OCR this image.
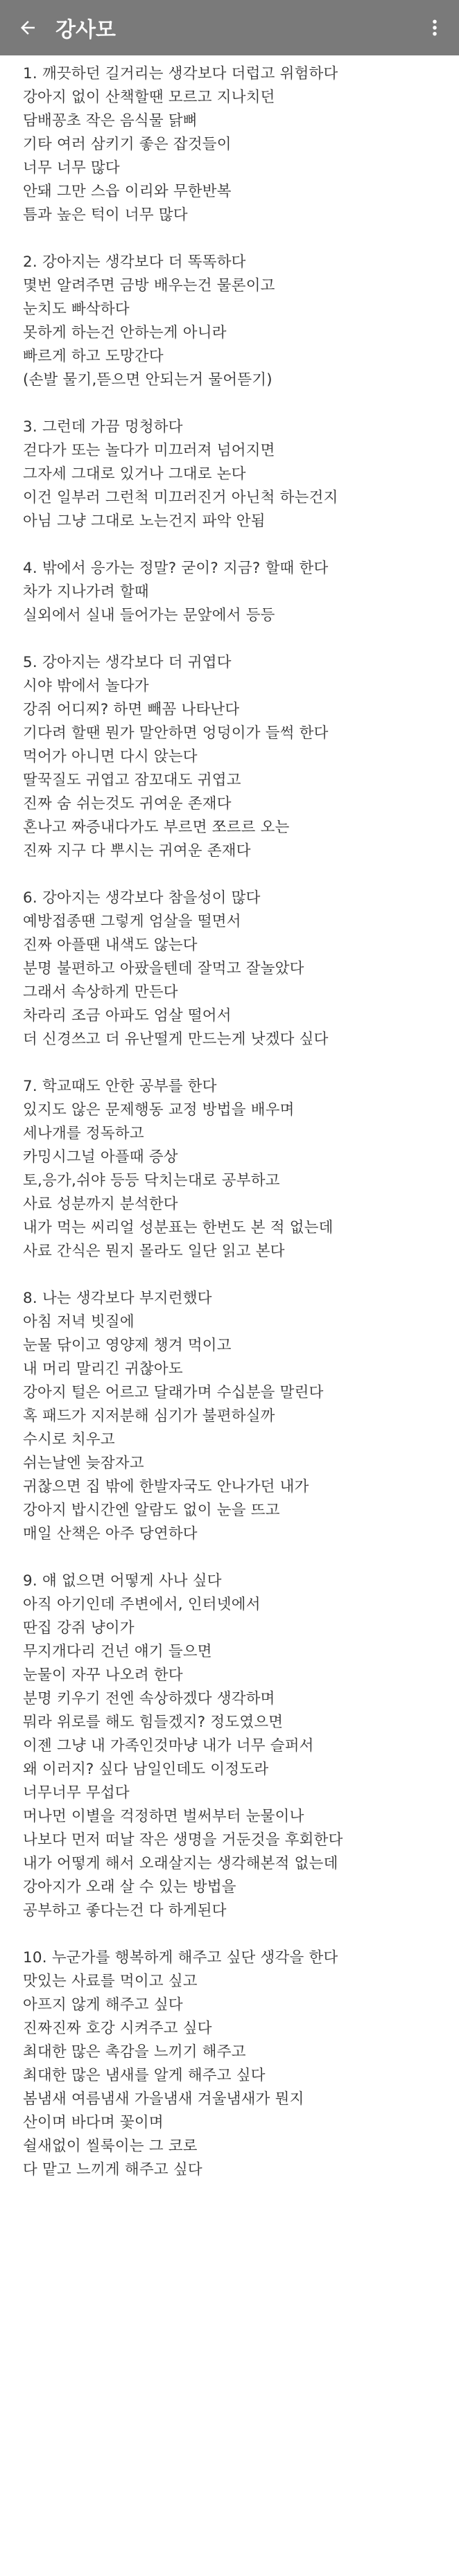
강사모
1. 깨끗하던 길거리는 생각보다 더럽고 위험하다
강아지 없이 산책할땐 모르고 지나치던
담배꽁초 작은 음식물 닭뼈
기타 여러 삼키기 좋은 잡것들이
너무 너무 많다
안돼 그만 스읍 이리와 무한반복
틈과 높은 턱이 너무 많다
2. 강아지는 생각보다 더 똑똑하다
몇번 알려주면 금방 배우는건 물론이고
눈치도 빠삭하다
못하게 하는건 안하는게 아니라
빠르게 하고 도망간다
(손발 물기,뜯으면 안되는거 물어뜯기)
3. 그런데 가끔 멍청하다
걷다가 또는 놀다가 미끄러져 넘어지면
그자세 그대로 있거나 그대로 논다
이건 일부러 그런척 미끄러진거 아닌척 하는건지
아님 그냥 그대로 노는건지 파악 안됨
4. 밖에서 응가는 정말? 굳이? 지금? 할때 한다
차가 지나가려 할때
실외에서 실내 들어가는 문앞에서 등등
5. 강아지는 생각보다 더 귀엽다
시야 밖에서 놀다가
강쥐 어디찌? 하면 빼꼼 나타난다
기다려 할땐 뭔가 말안하면 엉덩이가 들썩 한다
먹어가 아니면 다시 앉는다
딸꾹질도 귀엽고 잠꼬대도 귀엽고
진짜 숨 쉬는것도 귀여운 존재다
혼나고 짜증내다가도 부르면 쪼르르 오는
진짜 지구 다 뿌시는 귀여운 존재다
6. 강아지는 생각보다 참을성이 많다
예방접종땐 그렇게 엄살을 떨면서
진짜 아플땐 내색도 않는다
분명 불편하고 아팠을텐데 잘먹고 잘놀았다
그래서 속상하게 만든다
차라리 조금 아파도 엄살 떨어서
더 신경쓰고 더 유난떨게 만드는게 낫겠다 싶다
7. 학교때도 안한 공부를 한다
있지도 않은 문제행동 교정 방법을 배우며
세나개를 정독하고
카밍시그널 아플때 증상
토,응가,쉬야 등등 닥치는대로 공부하고
사료 성분까지 분석한다
내가 먹는 씨리얼 성분표는 한번도 본 적 없는데
사료 간식은 뭔지 몰라도 일단 읽고 본다
8. 나는 생각보다 부지런했다
아침 저녁 빗질에
눈물 닦이고 영양제 챙겨 먹이고
내 머리 말리긴 귀찮아도
강아지 털은 어르고 달래가며 수십분을 말린다
혹 패드가 지저분해 심기가 불편하실까
수시로 치우고
쉬는날엔 늦잠자고
귀찮으면 집 밖에 한발자국도 안나가던 내가
강아지 밥시간엔 알람도 없이 눈을 뜨고
매일 산책은 아주 당연하다
9. 얘 없으면 어떻게 사나 싶다
아직 아기인데 주변에서, 인터넷에서
딴집 강쥐 냥이가
무지개다리 건넌 얘기 들으면
눈물이 자꾸 나오려 한다
분명 키우기 전엔 속상하겠다 생각하며
뭐라 위로를 해도 힘들겠지? 정도였으면
이젠 그냥 내 가족인것마냥 내가 너무 슬퍼서
왜 이러지? 싶다 남일인데도 이정도라
너무너무 무섭다
머나먼 이별을 걱정하면 벌써부터 눈물이나
나보다 먼저 떠날 작은 생명을 거둔것을 후회한다
내가 어떻게 해서 오래살지는 생각해본적 없는데
강아지가 오래 살 수 있는 방법을
공부하고 좋다는건 다 하게된다
10. 누군가를 행복하게 해주고 싶단 생각을 한다
맛있는 사료를 먹이고 싶고
아프지 않게 해주고 싶다
진짜진짜 호강 시켜주고 싶다
최대한 많은 촉감을 느끼기 해주고
최대한 많은 냄새를 알게 해주고 싶다
봄냄새 여름냄새 가을냄새 겨울냄새가 뭔지
산이며 바다며 꽃이며
쉴새없이 씰룩이는 그 코로
다 맡고 느끼게 해주고 싶다
